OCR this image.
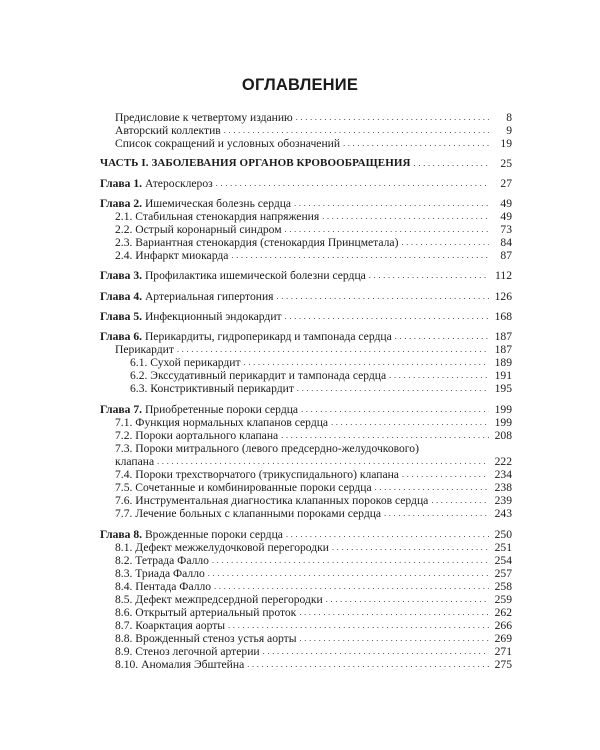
ОГЛАВЛЕНИЕ
Предисловие к четвертому изданию . . .	8
Авторский коллектив . . .	9
Список сокращений и условных обозначений . . .	19
ЧАСТЬ I. ЗАБОЛЕВАНИЯ ОРГАНОВ КРОВООБРАЩЕНИЯ . . .	25
Глава 1. Атеросклероз . . .	27
Глава 2. Ишемическая болезнь сердца . . .	49
2.1. Стабильная стенокардия напряжения . . .	49
2.2. Острый коронарный синдром . . .	73
2.3. Вариантная стенокардия (стенокардия Принцметала) . . .	84
2.4. Инфаркт миокарда . . .	87
Глава 3. Профилактика ишемической болезни сердца . . .	112
Глава 4. Артериальная гипертония . . .	126
Глава 5. Инфекционный эндокардит . . .	168
Глава 6. Перикардиты, гидроперикард и тампонада сердца . . .	187
Перикардит . . .	187
6.1. Сухой перикардит . . .	189
6.2. Экссудативный перикардит и тампонада сердца . . .	191
6.3. Констриктивный перикардит . . .	195
Глава 7. Приобретенные пороки сердца . . .	199
7.1. Функция нормальных клапанов сердца . . .	199
7.2. Пороки аортального клапана . . .	208
7.3. Пороки митрального (левого предсердно-желудочкового)
клапана . . .	222
7.4. Пороки трехстворчатого (трикуспидального) клапана . . .	234
7.5. Сочетанные и комбинированные пороки сердца . . .	238
7.6. Инструментальная диагностика клапанных пороков сердца . . .	239
7.7. Лечение больных с клапанными пороками сердца . . .	243
Глава 8. Врожденные пороки сердца . . .	250
8.1. Дефект межжелудочковой перегородки . . .	251
8.2. Тетрада Фалло . . .	254
8.3. Триада Фалло . . .	257
8.4. Пентада Фалло . . .	258
8.5. Дефект межпредсердной перегородки . . .	259
8.6. Открытый артериальный проток . . .	262
8.7. Коарктация аорты . . .	266
8.8. Врожденный стеноз устья аорты . . .	269
8.9. Стеноз легочной артерии . . .	271
8.10. Аномалия Эбштейна . . .	275
